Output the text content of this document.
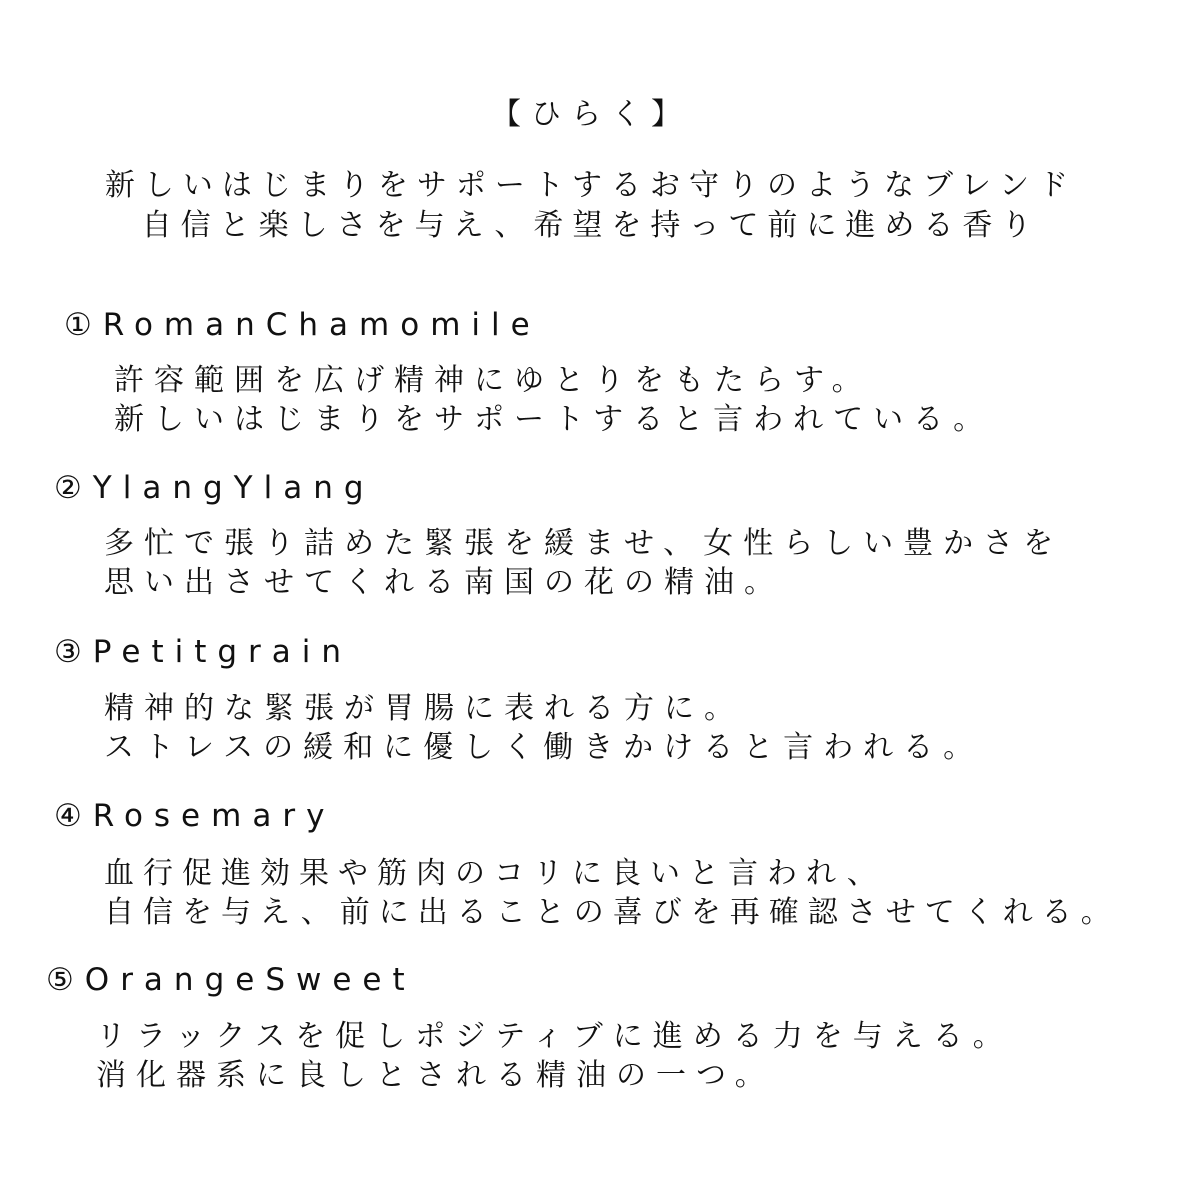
【ひらく】
新しいはじまりをサポートするお守りのようなブレンド
自信と楽しさを与え、希望を持って前に進める香り
①RomanChamomile
許容範囲を広げ精神にゆとりをもたらす。
新しいはじまりをサポートすると言われている。
②YlangYlang
多忙で張り詰めた緊張を緩ませ、女性らしい豊かさを
思い出させてくれる南国の花の精油。
③Petitgrain
精神的な緊張が胃腸に表れる方に。
ストレスの緩和に優しく働きかけると言われる。
④Rosemary
血行促進効果や筋肉のコリに良いと言われ、
自信を与え、前に出ることの喜びを再確認させてくれる。
⑤OrangeSweet
リラックスを促しポジティブに進める力を与える。
消化器系に良しとされる精油の一つ。
